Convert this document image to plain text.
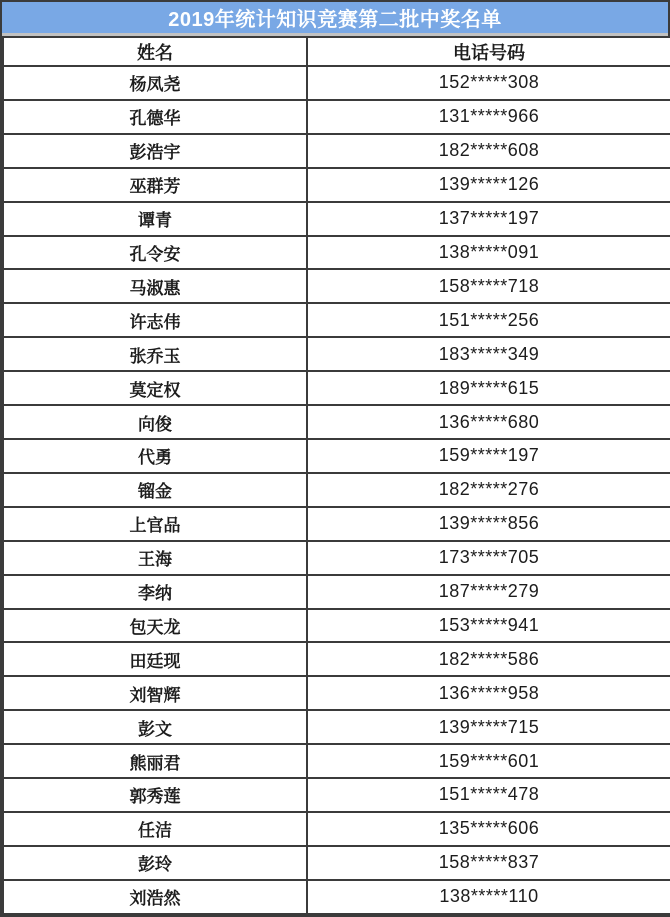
2019年统计知识竞赛第二批中奖名单
姓名	电话号码
杨凤尧	152*****308
孔德华	131*****966
彭浩宇	182*****608
巫群芳	139*****126
谭青	137*****197
孔令安	138*****091
马淑惠	158*****718
许志伟	151*****256
张乔玉	183*****349
莫定权	189*****615
向俊	136*****680
代勇	159*****197
镏金	182*****276
上官品	139*****856
王海	173*****705
李纳	187*****279
包天龙	153*****941
田廷现	182*****586
刘智辉	136*****958
彭文	139*****715
熊丽君	159*****601
郭秀莲	151*****478
任洁	135*****606
彭玲	158*****837
刘浩然	138*****110
